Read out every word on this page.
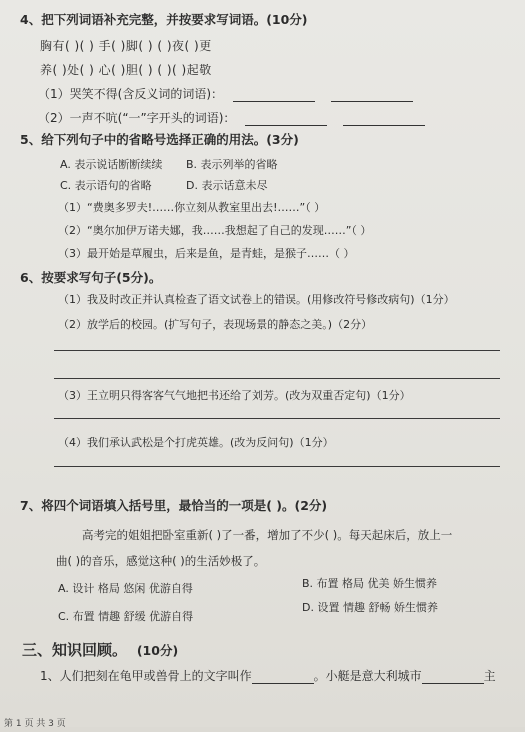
4、把下列词语补充完整，并按要求写词语。(10分)
胸有( )( ) 手( )脚( ) ( )夜( )更
养( )处( ) 心( )胆( ) ( )( )起敬
（1）哭笑不得(含反义词的词语)：
（2）一声不吭(“一”字开头的词语)：
5、给下列句子中的省略号选择正确的用法。(3分)
A. 表示说话断断续续 B. 表示列举的省略
C. 表示语句的省略	D. 表示话意未尽
（1）“费奥多罗夫!……你立刻从教室里出去!……”（ ）
（2）“奥尔加伊万诺夫娜，我……我想起了自己的发现……”（ ）
（3）最开始是草履虫，后来是鱼，是青蛙，是猴子……（ ）
6、按要求写句子(5分)。
（1）我及时改正并认真检查了语文试卷上的错误。(用修改符号修改病句)（1分）
（2）放学后的校园。(扩写句子，表现场景的静态之美。)（2分）
（3）王立明只得客客气气地把书还给了刘芳。(改为双重否定句)（1分）
（4）我们承认武松是个打虎英雄。(改为反问句)（1分）
7、将四个词语填入括号里，最恰当的一项是( )。(2分)
高考完的姐姐把卧室重新( )了一番，增加了不少( )。每天起床后，放上一
曲( )的音乐，感觉这种( )的生活妙极了。
A. 设计 格局 悠闲 优游自得	B. 布置 格局 优美 娇生惯养
C. 布置 情趣 舒缓 优游自得
D. 设置 情趣 舒畅 娇生惯养
三、知识回顾。 (10分)
1、人们把刻在龟甲或兽骨上的文字叫作	。小艇是意大利城市	主
第 1 页 共 3 页
